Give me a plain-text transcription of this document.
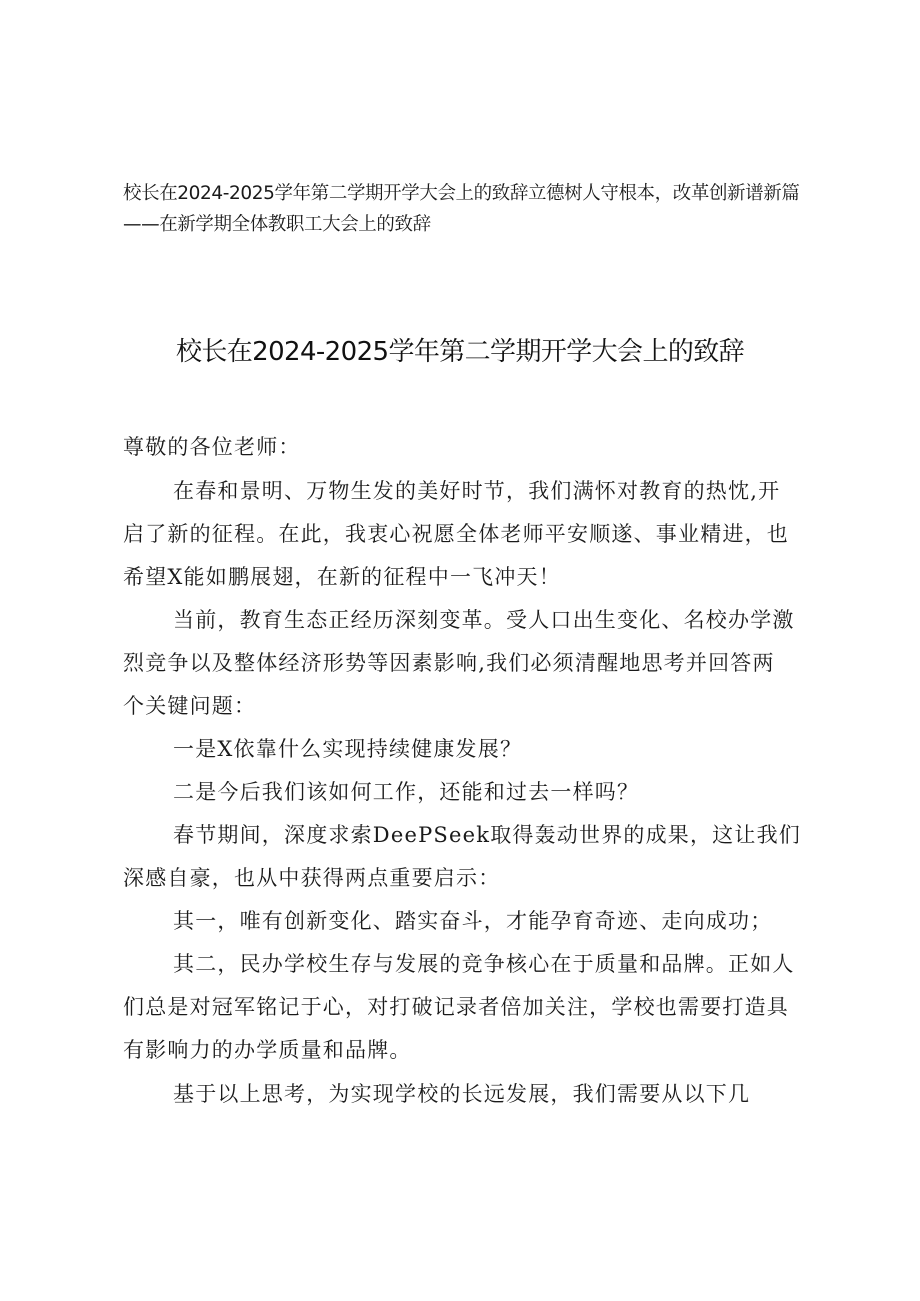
校长在2024-2025学年第二学期开学大会上的致辞立德树人守根本，改革创新谱新篇
——在新学期全体教职工大会上的致辞
校长在2024-2025学年第二学期开学大会上的致辞

尊敬的各位老师：

在春和景明、万物生发的美好时节，我们满怀对教育的热忱,开
启了新的征程。在此，我衷心祝愿全体老师平安顺遂、事业精进，也
希望X能如鹏展翅，在新的征程中一飞冲天！
当前，教育生态正经历深刻变革。受人口出生变化、名校办学激
烈竞争以及整体经济形势等因素影响,我们必须清醒地思考并回答两
个关键问题：
一是X依靠什么实现持续健康发展？
二是今后我们该如何工作，还能和过去一样吗？
春节期间，深度求索DeePSeek取得轰动世界的成果，这让我们
深感自豪，也从中获得两点重要启示：
其一，唯有创新变化、踏实奋斗，才能孕育奇迹、走向成功；
其二，民办学校生存与发展的竞争核心在于质量和品牌。正如人
们总是对冠军铭记于心，对打破记录者倍加关注，学校也需要打造具
有影响力的办学质量和品牌。
基于以上思考，为实现学校的长远发展，我们需要从以下几
